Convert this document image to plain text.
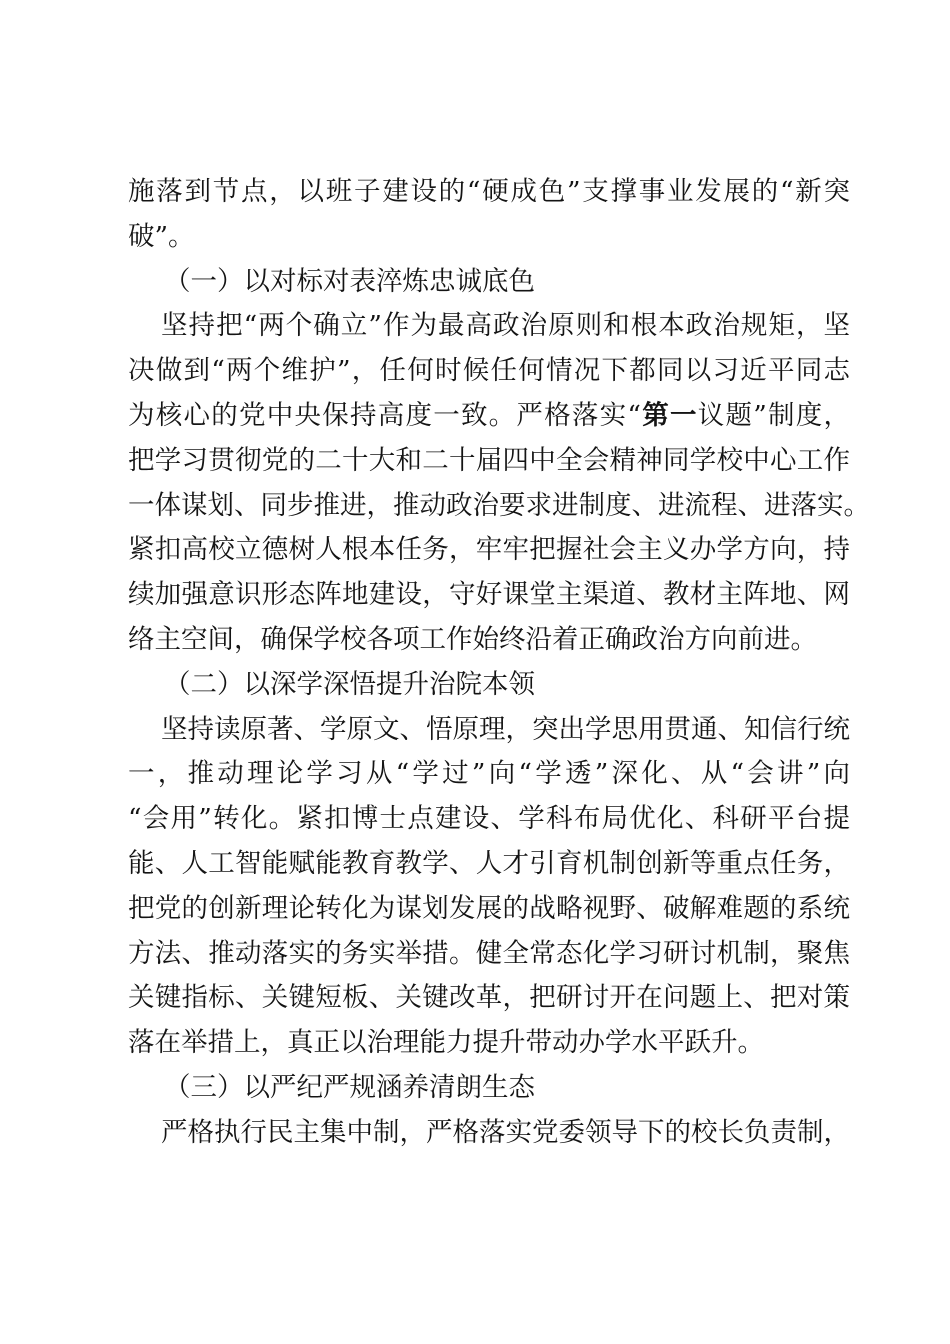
施落到节点，以班子建设的“硬成色”支撑事业发展的“新突
破”。
（一）以对标对表淬炼忠诚底色
坚持把“两个确立”作为最高政治原则和根本政治规矩，坚
决做到“两个维护”，任何时候任何情况下都同以习近平同志
为核心的党中央保持高度一致。严格落实“第一议题”制度，
把学习贯彻党的二十大和二十届四中全会精神同学校中心工作
一体谋划、同步推进，推动政治要求进制度、进流程、进落实。
紧扣高校立德树人根本任务，牢牢把握社会主义办学方向，持
续加强意识形态阵地建设，守好课堂主渠道、教材主阵地、网
络主空间，确保学校各项工作始终沿着正确政治方向前进。
（二）以深学深悟提升治院本领
坚持读原著、学原文、悟原理，突出学思用贯通、知信行统
一，推动理论学习从“学过”向“学透”深化、从“会讲”向
“会用”转化。紧扣博士点建设、学科布局优化、科研平台提
能、人工智能赋能教育教学、人才引育机制创新等重点任务，
把党的创新理论转化为谋划发展的战略视野、破解难题的系统
方法、推动落实的务实举措。健全常态化学习研讨机制，聚焦
关键指标、关键短板、关键改革，把研讨开在问题上、把对策
落在举措上，真正以治理能力提升带动办学水平跃升。
（三）以严纪严规涵养清朗生态
严格执行民主集中制，严格落实党委领导下的校长负责制，
